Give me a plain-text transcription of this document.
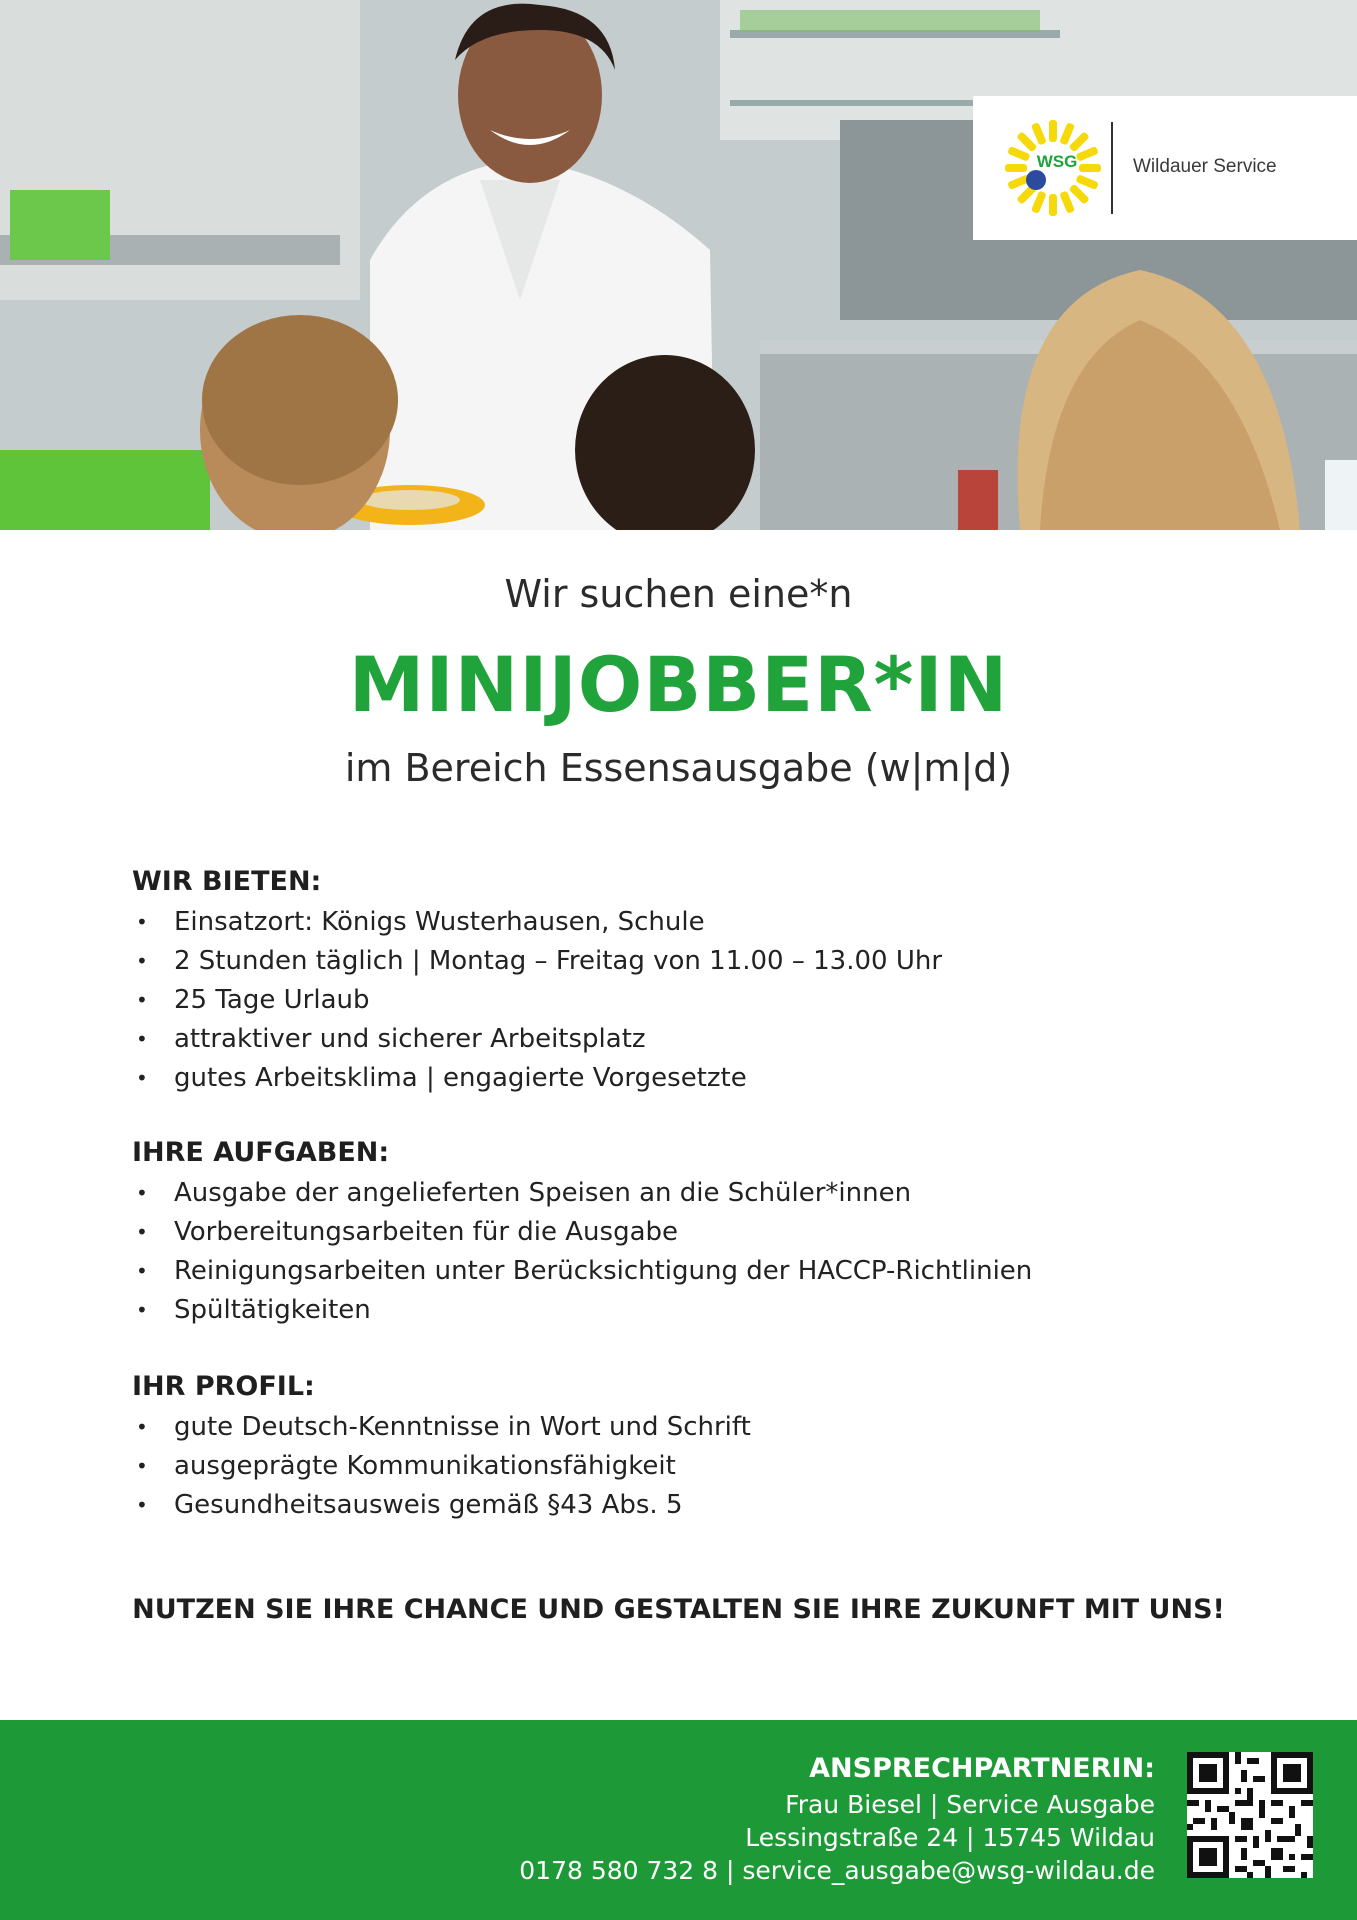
WSG	Wildauer Service
Wir suchen eine*n
MINIJOBBER*IN
im Bereich Essensausgabe (w|m|d)
WIR BIETEN:
• Einsatzort: Königs Wusterhausen, Schule
• 2 Stunden täglich | Montag – Freitag von 11.00 – 13.00 Uhr
• 25 Tage Urlaub
• attraktiver und sicherer Arbeitsplatz
• gutes Arbeitsklima | engagierte Vorgesetzte
IHRE AUFGABEN:
• Ausgabe der angelieferten Speisen an die Schüler*innen
• Vorbereitungsarbeiten für die Ausgabe
• Reinigungsarbeiten unter Berücksichtigung der HACCP-Richtlinien
• Spültätigkeiten
IHR PROFIL:
• gute Deutsch-Kenntnisse in Wort und Schrift
• ausgeprägte Kommunikationsfähigkeit
• Gesundheitsausweis gemäß §43 Abs. 5
NUTZEN SIE IHRE CHANCE UND GESTALTEN SIE IHRE ZUKUNFT MIT UNS!
ANSPRECHPARTNERIN:
Frau Biesel | Service Ausgabe
Lessingstraße 24 | 15745 Wildau
0178 580 732 8 | service_ausgabe@wsg-wildau.de
